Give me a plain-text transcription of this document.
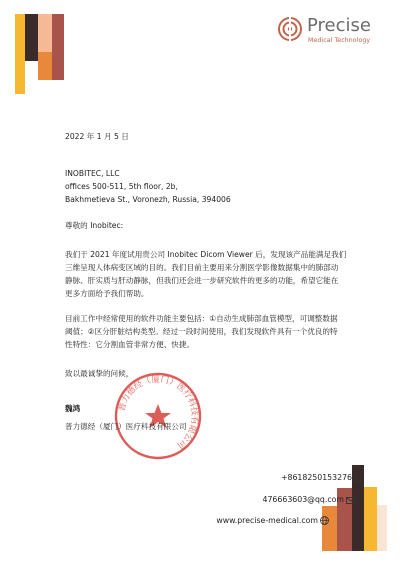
Precise
Medical Technology
2022 年 1 月 5 日
INOBITEC, LLC
offices 500-511, 5th floor, 2b,
Bakhmetieva St., Voronezh, Russia, 394006
尊敬的 Inobitec:
我们于 2021 年度试用贵公司 Inobitec Dicom Viewer 后，发现该产品能满足我们
三维呈现人体病变区域的目的。我们目前主要用来分割医学影像数据集中的肺部动
静脉、肝实质与肝动静脉，但我们还会进一步研究软件的更多的功能，希望它能在
更多方面给予我们帮助。
目前工作中经常使用的软件功能主要包括：①自动生成肺部血管模型，可调整数据
阈值；②区分肝脏结构类型。经过一段时间使用，我们发现软件具有一个优良的特
性特性：它分割血管非常方便、快捷。
致以最诚挚的问候，
普力德经（厦门）医疗科技有限公司
魏鸿
普力德经（厦门）医疗科技有限公司
+8618250153276
476663603@qq.com
www.precise-medical.com
